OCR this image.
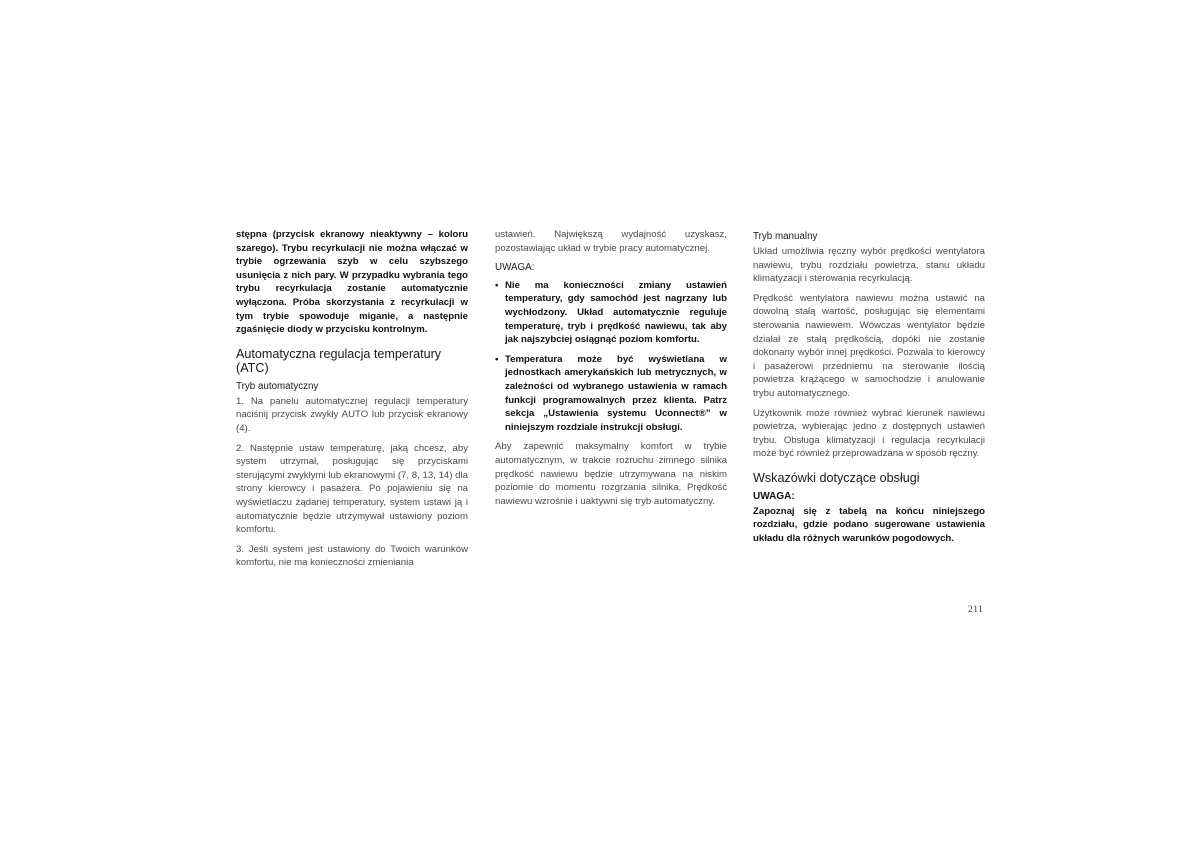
stępna (przycisk ekranowy nieaktywny – koloru szarego). Trybu recyrkulacji nie można włączać w trybie ogrzewania szyb w celu szybszego usunięcia z nich pary. W przypadku wybrania tego trybu recyrkulacja zostanie automatycznie wyłączona. Próba skorzystania z recyrkulacji w tym trybie spowoduje miganie, a następnie zgaśnięcie diody w przycisku kontrolnym.

Automatyczna regulacja temperatury (ATC)
Tryb automatyczny

1. Na panelu automatycznej regulacji temperatury naciśnij przycisk zwykły AUTO lub przycisk ekranowy (4).

2. Następnie ustaw temperaturę, jaką chcesz, aby system utrzymał, posługując się przyciskami sterującymi zwykłymi lub ekranowymi (7, 8, 13, 14) dla strony kierowcy i pasażera. Po pojawieniu się na wyświetlaczu żądanej temperatury, system ustawi ją i automatycznie będzie utrzymywał ustawiony poziom komfortu.

3. Jeśli system jest ustawiony do Twoich warunków komfortu, nie ma konieczności zmieniania

ustawień. Największą wydajność uzyskasz, pozostawiając układ w trybie pracy automatycznej.

UWAGA:
• Nie ma konieczności zmiany ustawień temperatury, gdy samochód jest nagrzany lub wychłodzony. Układ automatycznie reguluje temperaturę, tryb i prędkość nawiewu, tak aby jak najszybciej osiągnąć poziom komfortu.
• Temperatura może być wyświetlana w jednostkach amerykańskich lub metrycznych, w zależności od wybranego ustawienia w ramach funkcji programowalnych przez klienta. Patrz sekcja „Ustawienia systemu Uconnect®” w niniejszym rozdziale instrukcji obsługi.

Aby zapewnić maksymalny komfort w trybie automatycznym, w trakcie rozruchu zimnego silnika prędkość nawiewu będzie utrzymywana na niskim poziomie do momentu rozgrzania silnika. Prędkość nawiewu wzrośnie i uaktywni się tryb automatyczny.

Tryb manualny

Układ umożliwia ręczny wybór prędkości wentylatora nawiewu, trybu rozdziału powietrza, stanu układu klimatyzacji i sterowania recyrkulacją.

Prędkość wentylatora nawiewu można ustawić na dowolną stałą wartość, posługując się elementami sterowania nawiewem. Wówczas wentylator będzie działał ze stałą prędkością, dopóki nie zostanie dokonany wybór innej prędkości. Pozwala to kierowcy i pasażerowi przedniemu na sterowanie ilością powietrza krążącego w samochodzie i anulowanie trybu automatycznego.

Użytkownik może również wybrać kierunek nawiewu powietrza, wybierając jedno z dostępnych ustawień trybu. Obsługa klimatyzacji i regulacja recyrkulacji może być również przeprowadzana w sposób ręczny.

Wskazówki dotyczące obsługi
UWAGA:

Zapoznaj się z tabelą na końcu niniejszego rozdziału, gdzie podano sugerowane ustawienia układu dla różnych warunków pogodowych.

211
